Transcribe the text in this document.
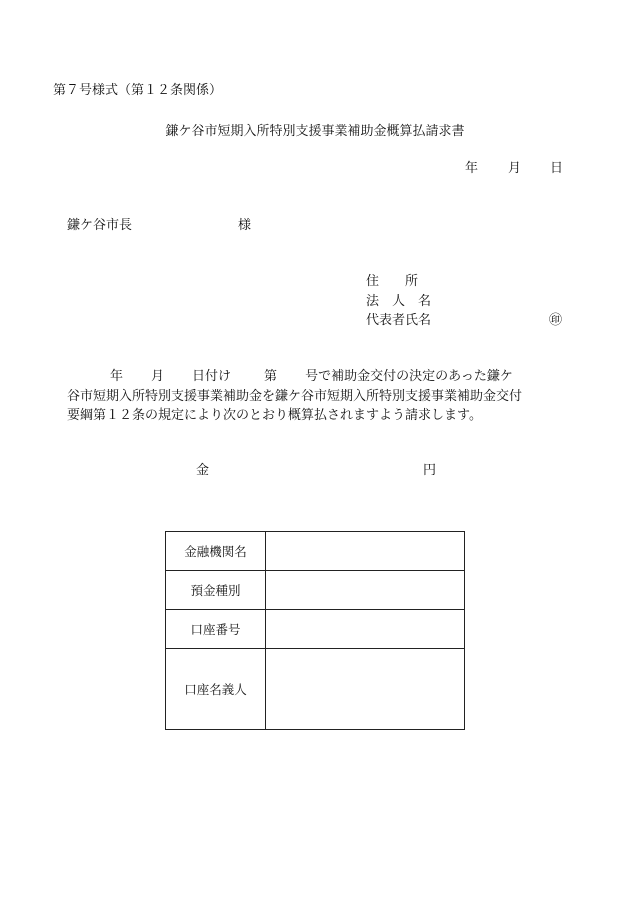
第７号様式（第１２条関係）
鎌ケ谷市短期入所特別支援事業補助金概算払請求書
年 月 日
鎌ケ谷市長	様
住 所
法 人 名
代表者氏名	㊞
年 月 日付け	第 号で補助金交付の決定のあった鎌ケ
谷市短期入所特別支援事業補助金を鎌ケ谷市短期入所特別支援事業補助金交付
要綱第１２条の規定により次のとおり概算払されますよう請求します。
金	円
金融機関名	
預金種別	
口座番号	
口座名義人	
